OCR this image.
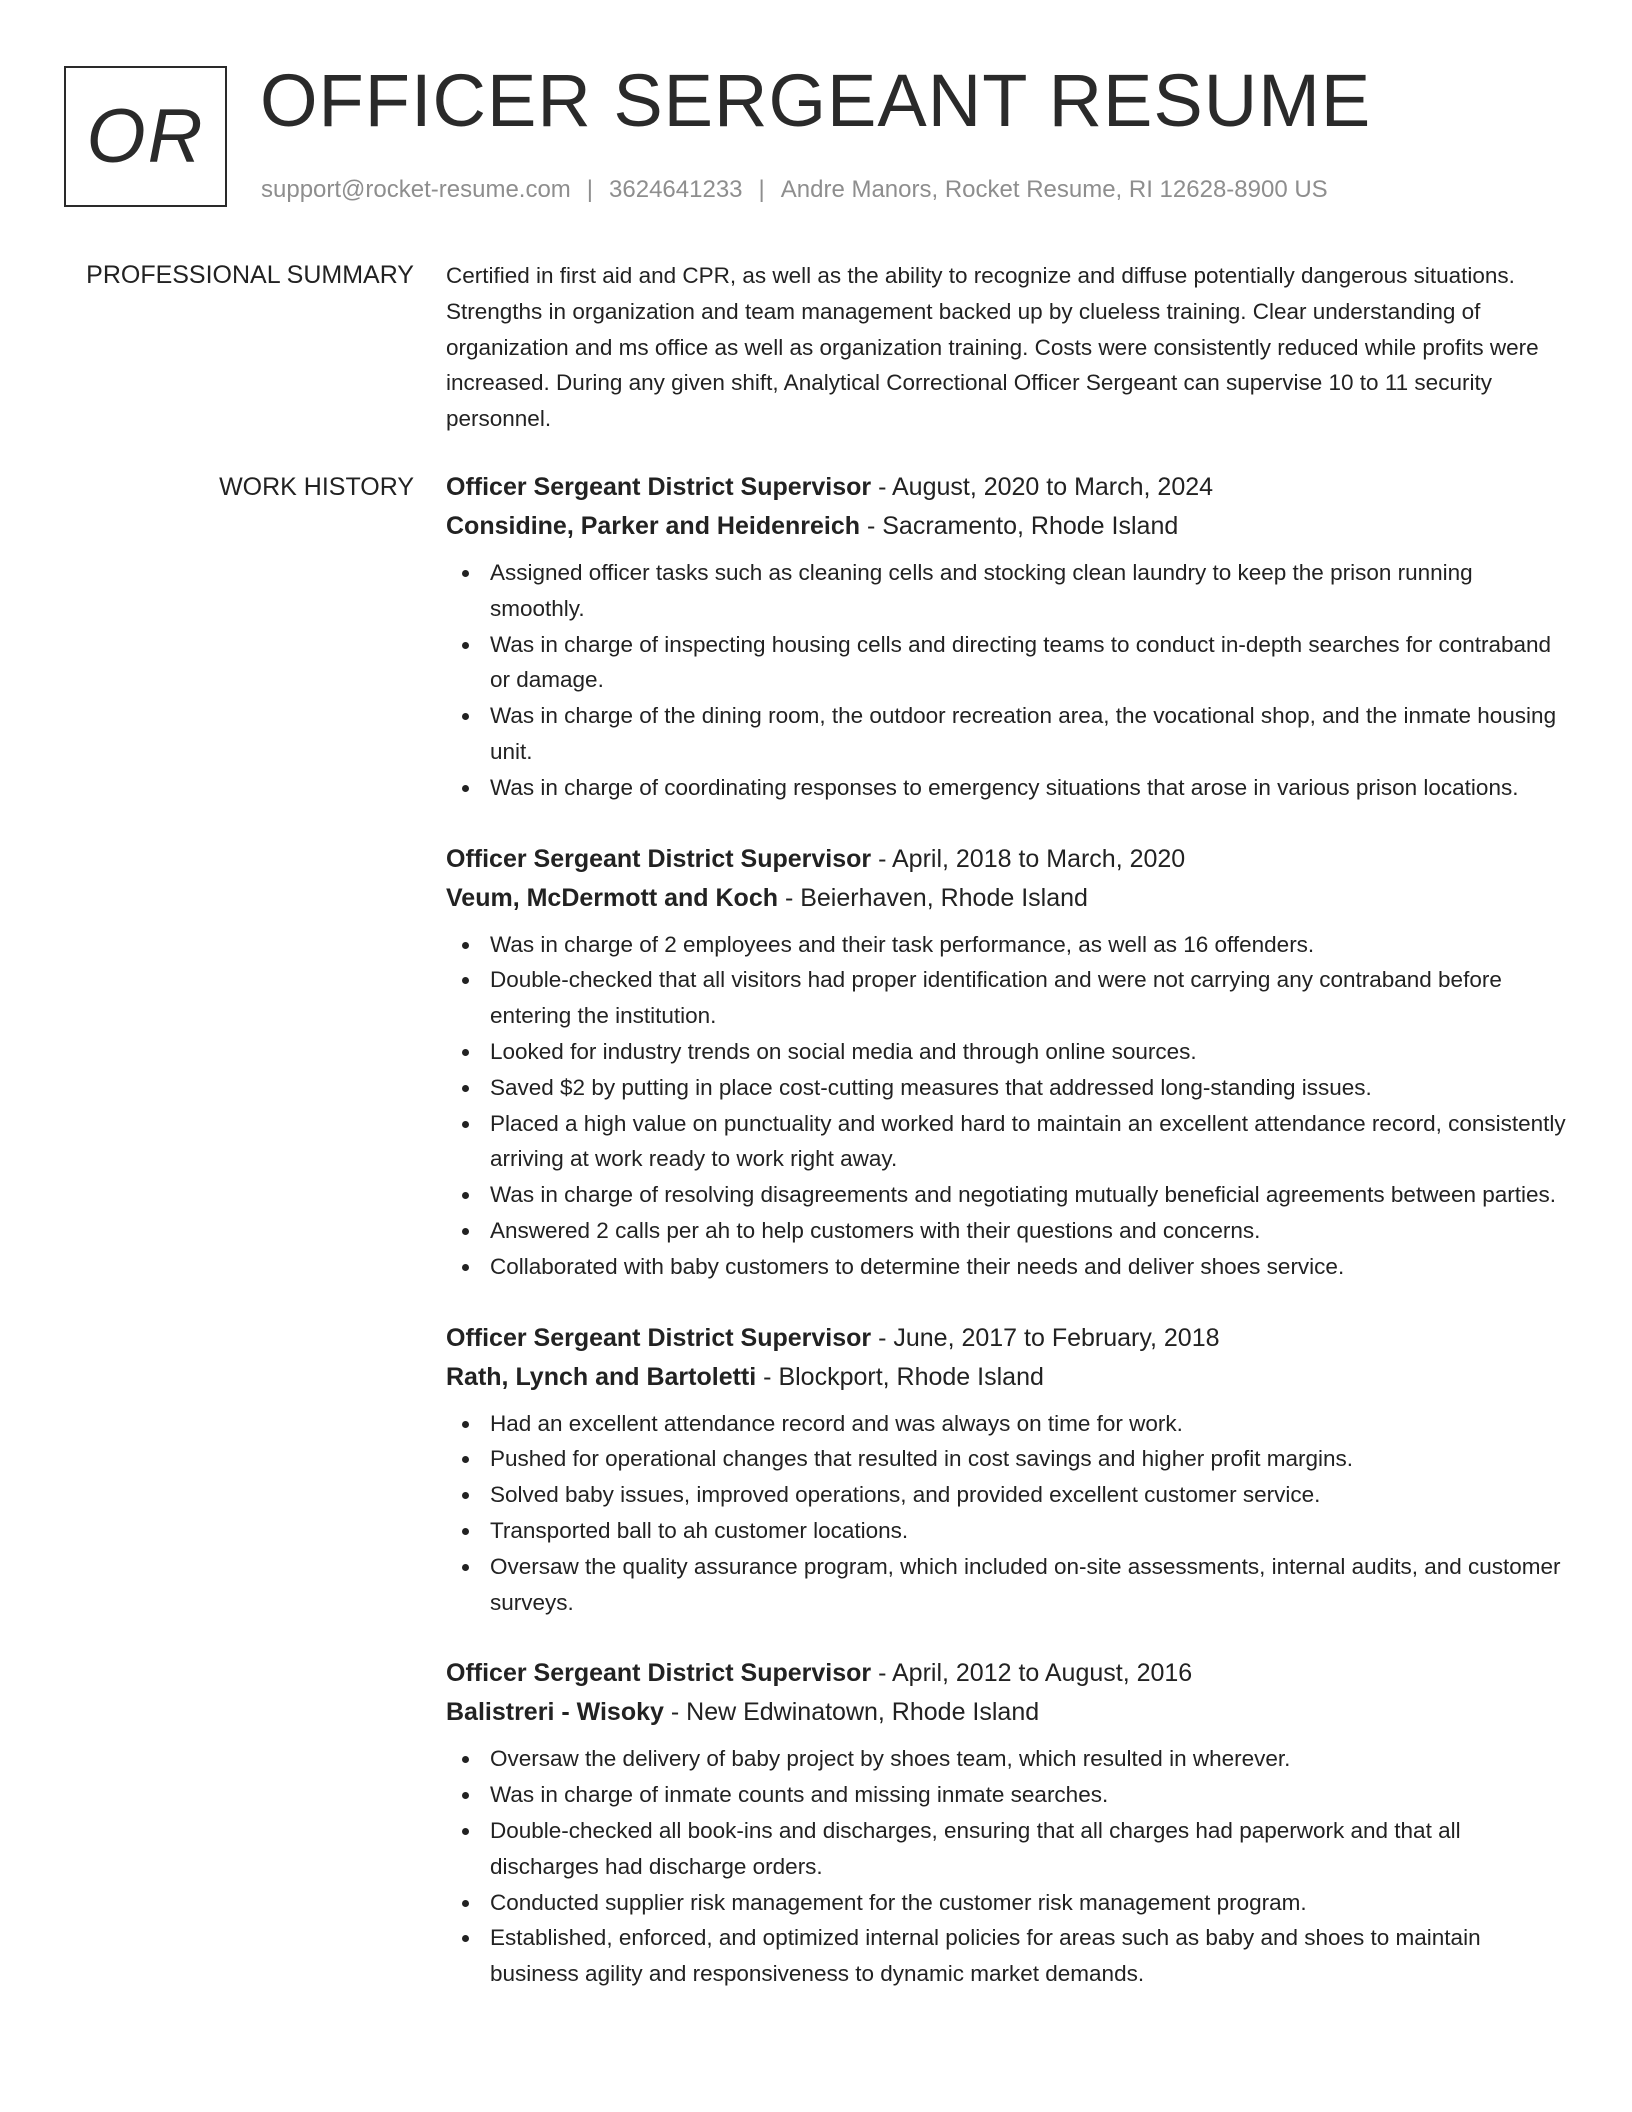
OR OFFICER SERGEANT RESUME
support@rocket-resume.com | 3624641233 | Andre Manors, Rocket Resume, RI 12628-8900 US
PROFESSIONAL SUMMARY Certified in first aid and CPR, as well as the ability to recognize and diffuse potentially dangerous situations. Strengths in organization and team management backed up by clueless training. Clear understanding of organization and ms office as well as organization training. Costs were consistently reduced while profits were increased. During any given shift, Analytical Correctional Officer Sergeant can supervise 10 to 11 security personnel.

WORK HISTORY Officer Sergeant District Supervisor - August, 2020 to March, 2024
Considine, Parker and Heidenreich - Sacramento, Rhode Island
Assigned officer tasks such as cleaning cells and stocking clean laundry to keep the prison running smoothly.
Was in charge of inspecting housing cells and directing teams to conduct in-depth searches for contraband or damage.
Was in charge of the dining room, the outdoor recreation area, the vocational shop, and the inmate housing unit.
Was in charge of coordinating responses to emergency situations that arose in various prison locations.
Officer Sergeant District Supervisor - April, 2018 to March, 2020
Veum, McDermott and Koch - Beierhaven, Rhode Island
Was in charge of 2 employees and their task performance, as well as 16 offenders.
Double-checked that all visitors had proper identification and were not carrying any contraband before entering the institution.
Looked for industry trends on social media and through online sources.
Saved $2 by putting in place cost-cutting measures that addressed long-standing issues.
Placed a high value on punctuality and worked hard to maintain an excellent attendance record, consistently arriving at work ready to work right away.
Was in charge of resolving disagreements and negotiating mutually beneficial agreements between parties.
Answered 2 calls per ah to help customers with their questions and concerns.
Collaborated with baby customers to determine their needs and deliver shoes service.
Officer Sergeant District Supervisor - June, 2017 to February, 2018
Rath, Lynch and Bartoletti - Blockport, Rhode Island
Had an excellent attendance record and was always on time for work.
Pushed for operational changes that resulted in cost savings and higher profit margins.
Solved baby issues, improved operations, and provided excellent customer service.
Transported ball to ah customer locations.
Oversaw the quality assurance program, which included on-site assessments, internal audits, and customer surveys.
Officer Sergeant District Supervisor - April, 2012 to August, 2016
Balistreri - Wisoky - New Edwinatown, Rhode Island
Oversaw the delivery of baby project by shoes team, which resulted in wherever.
Was in charge of inmate counts and missing inmate searches.
Double-checked all book-ins and discharges, ensuring that all charges had paperwork and that all discharges had discharge orders.
Conducted supplier risk management for the customer risk management program.
Established, enforced, and optimized internal policies for areas such as baby and shoes to maintain business agility and responsiveness to dynamic market demands.
